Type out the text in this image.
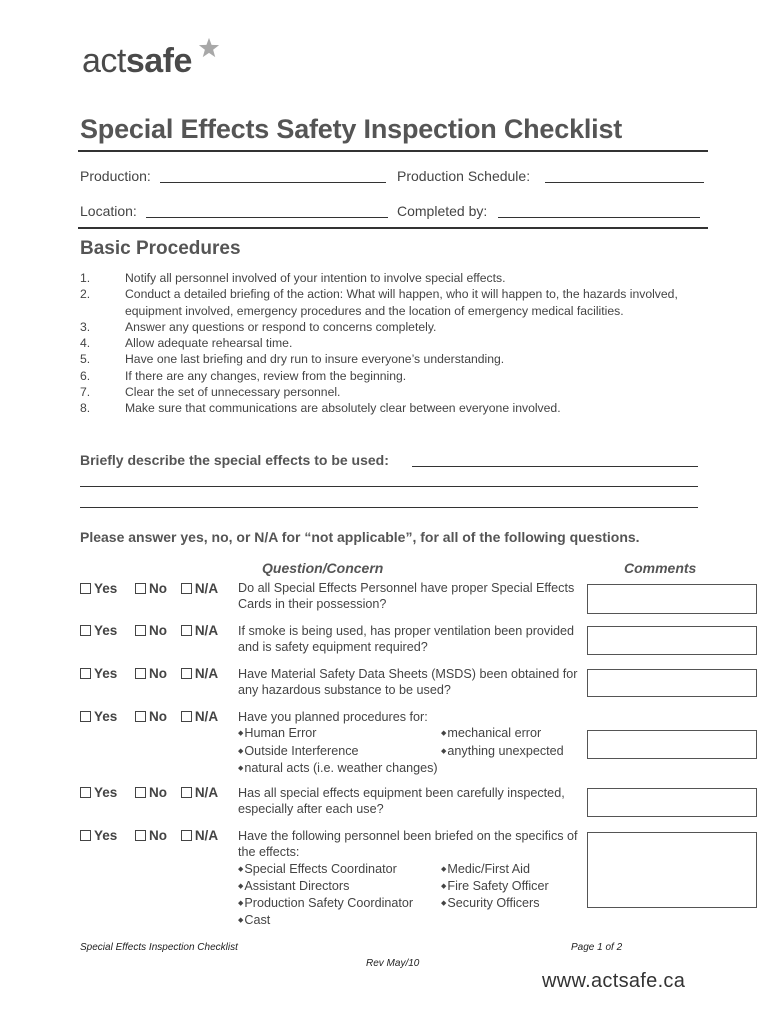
actsafe
Special Effects Safety Inspection Checklist
Production:	Production Schedule:
Location:	Completed by:
Basic Procedures
1.	Notify all personnel involved of your intention to involve special effects.
2.	Conduct a detailed briefing of the action: What will happen, who it will happen to, the hazards involved, equipment involved, emergency procedures and the location of emergency medical facilities.
3.	Answer any questions or respond to concerns completely.
4.	Allow adequate rehearsal time.
5.	Have one last briefing and dry run to insure everyone’s understanding.
6.	If there are any changes, review from the beginning.
7.	Clear the set of unnecessary personnel.
8.	Make sure that communications are absolutely clear between everyone involved.
Briefly describe the special effects to be used:
Please answer yes, no, or N/A for “not applicable”, for all of the following questions.
Question/Concern	Comments
Yes No N/A	Do all Special Effects Personnel have proper Special Effects Cards in their possession?
Yes No N/A	If smoke is being used, has proper ventilation been provided and is safety equipment required?
Yes No N/A	Have Material Safety Data Sheets (MSDS) been obtained for any hazardous substance to be used?
Yes No N/A	Have you planned procedures for:
◆Human Error	◆mechanical error
◆Outside Interference	◆anything unexpected
◆natural acts (i.e. weather changes)
Yes No N/A	Has all special effects equipment been carefully inspected, especially after each use?
Yes No N/A	Have the following personnel been briefed on the specifics of the effects:
◆Special Effects Coordinator	◆Medic/First Aid
◆Assistant Directors	◆Fire Safety Officer
◆Production Safety Coordinator	◆Security Officers
◆Cast
Special Effects Inspection Checklist	Page 1 of 2
Rev May/10
www.actsafe.ca
